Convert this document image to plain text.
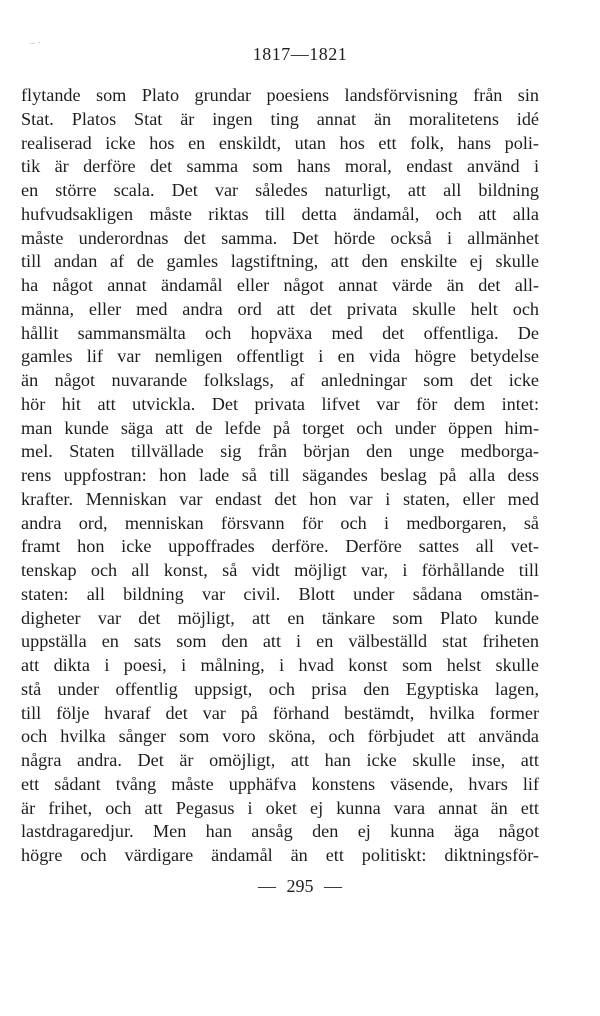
– ·
1817—1821
flytande som Plato grundar poesiens landsförvisning från sin
Stat. Platos Stat är ingen ting annat än moralitetens idé
realiserad icke hos en enskildt, utan hos ett folk, hans poli-
tik är derföre det samma som hans moral, endast använd i
en större scala. Det var således naturligt, att all bildning
hufvudsakligen måste riktas till detta ändamål, och att alla
måste underordnas det samma. Det hörde också i allmänhet
till andan af de gamles lagstiftning, att den enskilte ej skulle
ha något annat ändamål eller något annat värde än det all-
männa, eller med andra ord att det privata skulle helt och
hållit sammansmälta och hopväxa med det offentliga. De
gamles lif var nemligen offentligt i en vida högre betydelse
än något nuvarande folkslags, af anledningar som det icke
hör hit att utvickla. Det privata lifvet var för dem intet:
man kunde säga att de lefde på torget och under öppen him-
mel. Staten tillvällade sig från början den unge medborga-
rens uppfostran: hon lade så till sägandes beslag på alla dess
krafter. Menniskan var endast det hon var i staten, eller med
andra ord, menniskan försvann för och i medborgaren, så
framt hon icke uppoffrades derföre. Derföre sattes all vet-
tenskap och all konst, så vidt möjligt var, i förhållande till
staten: all bildning var civil. Blott under sådana omstän-
digheter var det möjligt, att en tänkare som Plato kunde
uppställa en sats som den att i en välbeställd stat friheten
att dikta i poesi, i målning, i hvad konst som helst skulle
stå under offentlig uppsigt, och prisa den Egyptiska lagen,
till följe hvaraf det var på förhand bestämdt, hvilka former
och hvilka sånger som voro sköna, och förbjudet att använda
några andra. Det är omöjligt, att han icke skulle inse, att
ett sådant tvång måste upphäfva konstens väsende, hvars lif
är frihet, och att Pegasus i oket ej kunna vara annat än ett
lastdragaredjur. Men han ansåg den ej kunna äga något
högre och värdigare ändamål än ett politiskt: diktningsför-
— 295 —
